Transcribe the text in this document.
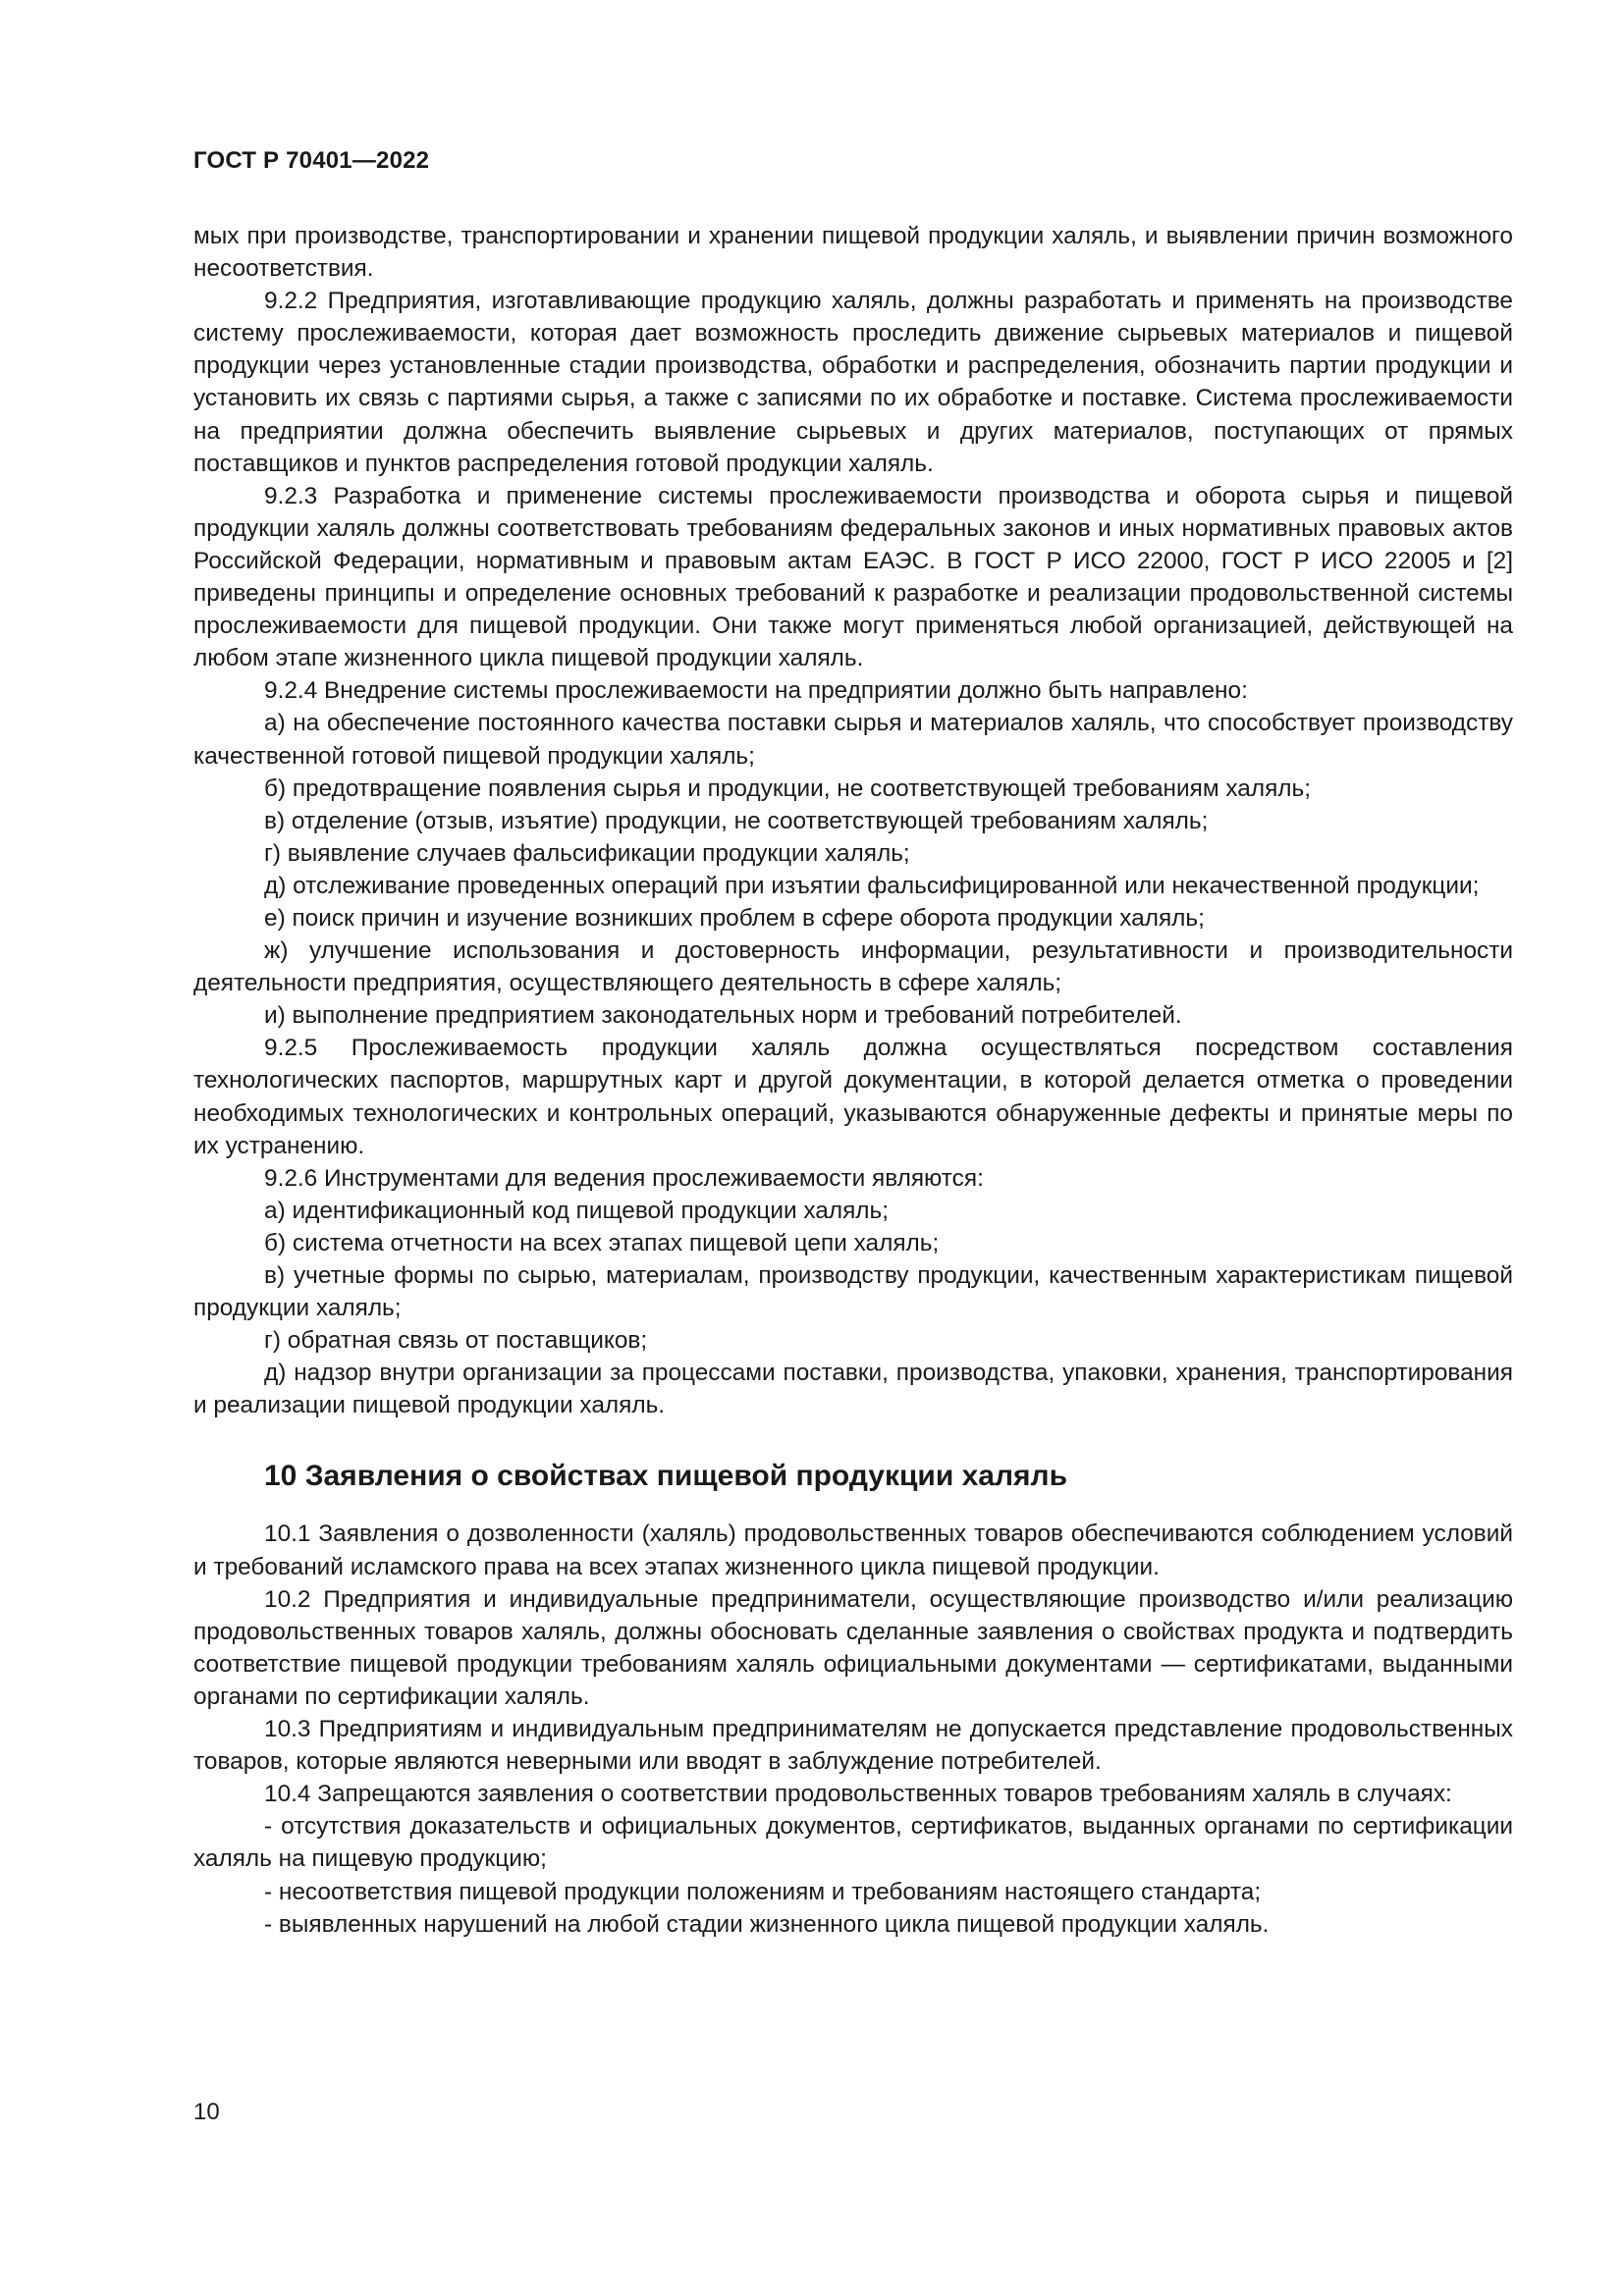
ГОСТ Р 70401—2022

мых при производстве, транспортировании и хранении пищевой продукции халяль, и выявлении причин возможного несоответствия.

9.2.2 Предприятия, изготавливающие продукцию халяль, должны разработать и применять на производстве систему прослеживаемости, которая дает возможность проследить движение сырьевых материалов и пищевой продукции через установленные стадии производства, обработки и распределения, обозначить партии продукции и установить их связь с партиями сырья, а также с записями по их обработке и поставке. Система прослеживаемости на предприятии должна обеспечить выявление сырьевых и других материалов, поступающих от прямых поставщиков и пунктов распределения готовой продукции халяль.

9.2.3 Разработка и применение системы прослеживаемости производства и оборота сырья и пищевой продукции халяль должны соответствовать требованиям федеральных законов и иных нормативных правовых актов Российской Федерации, нормативным и правовым актам ЕАЭС. В ГОСТ Р ИСО 22000, ГОСТ Р ИСО 22005 и [2] приведены принципы и определение основных требований к разработке и реализации продовольственной системы прослеживаемости для пищевой продукции. Они также могут применяться любой организацией, действующей на любом этапе жизненного цикла пищевой продукции халяль.

9.2.4 Внедрение системы прослеживаемости на предприятии должно быть направлено:

а) на обеспечение постоянного качества поставки сырья и материалов халяль, что способствует производству качественной готовой пищевой продукции халяль;

б) предотвращение появления сырья и продукции, не соответствующей требованиям халяль;

в) отделение (отзыв, изъятие) продукции, не соответствующей требованиям халяль;

г) выявление случаев фальсификации продукции халяль;

д) отслеживание проведенных операций при изъятии фальсифицированной или некачественной продукции;

е) поиск причин и изучение возникших проблем в сфере оборота продукции халяль;

ж) улучшение использования и достоверность информации, результативности и производительности деятельности предприятия, осуществляющего деятельность в сфере халяль;

и) выполнение предприятием законодательных норм и требований потребителей.

9.2.5 Прослеживаемость продукции халяль должна осуществляться посредством составления технологических паспортов, маршрутных карт и другой документации, в которой делается отметка о проведении необходимых технологических и контрольных операций, указываются обнаруженные дефекты и принятые меры по их устранению.

9.2.6 Инструментами для ведения прослеживаемости являются:

а) идентификационный код пищевой продукции халяль;

б) система отчетности на всех этапах пищевой цепи халяль;

в) учетные формы по сырью, материалам, производству продукции, качественным характеристикам пищевой продукции халяль;

г) обратная связь от поставщиков;

д) надзор внутри организации за процессами поставки, производства, упаковки, хранения, транспортирования и реализации пищевой продукции халяль.

10 Заявления о свойствах пищевой продукции халяль

10.1 Заявления о дозволенности (халяль) продовольственных товаров обеспечиваются соблюдением условий и требований исламского права на всех этапах жизненного цикла пищевой продукции.

10.2 Предприятия и индивидуальные предприниматели, осуществляющие производство и/или реализацию продовольственных товаров халяль, должны обосновать сделанные заявления о свойствах продукта и подтвердить соответствие пищевой продукции требованиям халяль официальными документами — сертификатами, выданными органами по сертификации халяль.

10.3 Предприятиям и индивидуальным предпринимателям не допускается представление продовольственных товаров, которые являются неверными или вводят в заблуждение потребителей.

10.4 Запрещаются заявления о соответствии продовольственных товаров требованиям халяль в случаях:

- отсутствия доказательств и официальных документов, сертификатов, выданных органами по сертификации халяль на пищевую продукцию;

- несоответствия пищевой продукции положениям и требованиям настоящего стандарта;

- выявленных нарушений на любой стадии жизненного цикла пищевой продукции халяль.

10
